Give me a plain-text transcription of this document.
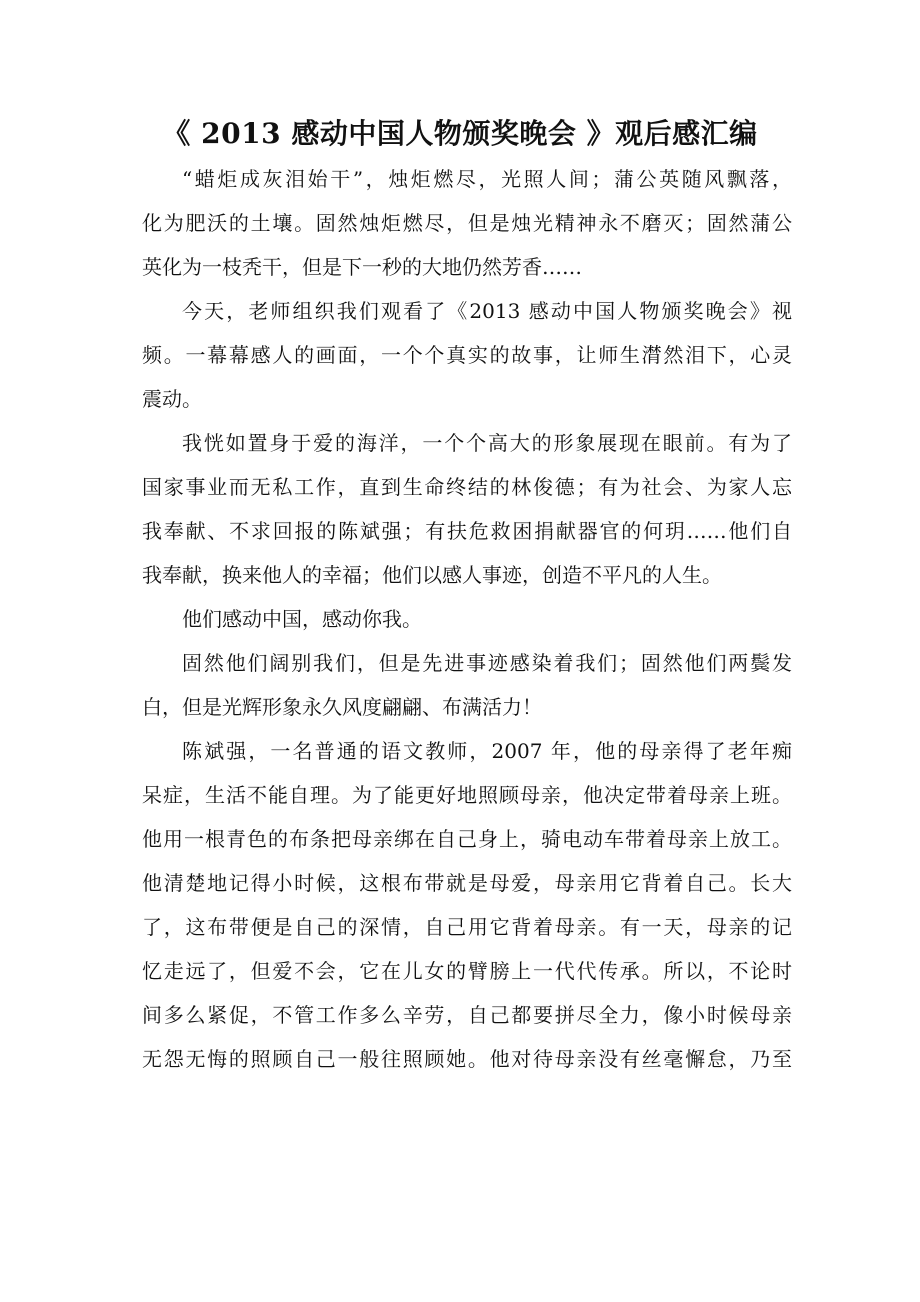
《 2013 感动中国人物颁奖晚会 》观后感汇编

“蜡炬成灰泪始干”，烛炬燃尽，光照人间；蒲公英随风飘落，
化为肥沃的土壤。固然烛炬燃尽，但是烛光精神永不磨灭；固然蒲公
英化为一枝秃干，但是下一秒的大地仍然芳香……

今天，老师组织我们观看了《2013 感动中国人物颁奖晚会》视
频。一幕幕感人的画面，一个个真实的故事，让师生潸然泪下，心灵
震动。

我恍如置身于爱的海洋，一个个高大的形象展现在眼前。有为了
国家事业而无私工作，直到生命终结的林俊德；有为社会、为家人忘
我奉献、不求回报的陈斌强；有扶危救困捐献器官的何玥……他们自
我奉献，换来他人的幸福；他们以感人事迹，创造不平凡的人生。

他们感动中国，感动你我。

固然他们阔别我们，但是先进事迹感染着我们；固然他们两鬓发
白，但是光辉形象永久风度翩翩、布满活力！

陈斌强，一名普通的语文教师，2007 年，他的母亲得了老年痴
呆症，生活不能自理。为了能更好地照顾母亲，他决定带着母亲上班。
他用一根青色的布条把母亲绑在自己身上，骑电动车带着母亲上放工。
他清楚地记得小时候，这根布带就是母爱，母亲用它背着自己。长大
了，这布带便是自己的深情，自己用它背着母亲。有一天，母亲的记
忆走远了，但爱不会，它在儿女的臂膀上一代代传承。所以，不论时
间多么紧促，不管工作多么辛劳，自己都要拼尽全力，像小时候母亲
无怨无悔的照顾自己一般往照顾她。他对待母亲没有丝毫懈怠，乃至
